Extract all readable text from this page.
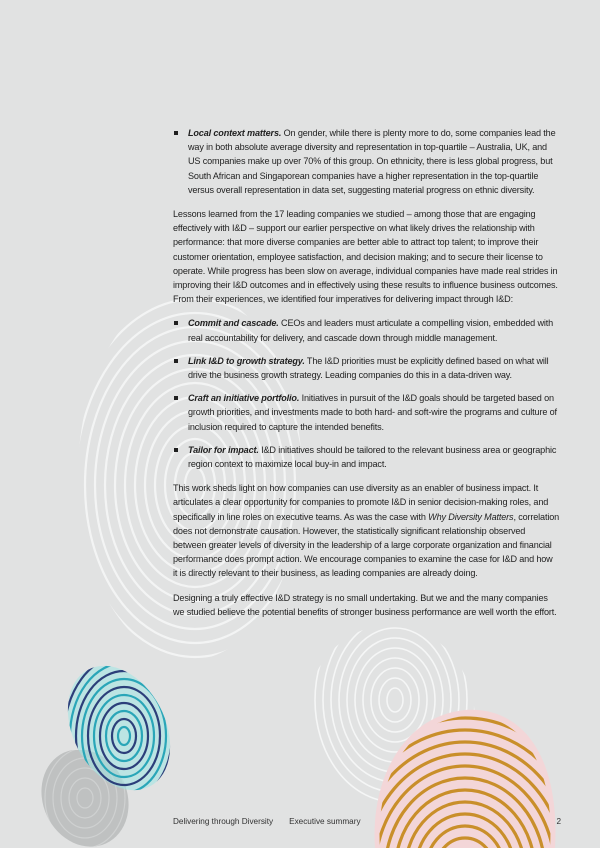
Local context matters. On gender, while there is plenty more to do, some companies lead the way in both absolute average diversity and representation in top-quartile – Australia, UK, and US companies make up over 70% of this group. On ethnicity, there is less global progress, but South African and Singaporean companies have a higher representation in the top-quartile versus overall representation in data set, suggesting material progress on ethnic diversity.

Lessons learned from the 17 leading companies we studied – among those that are engaging effectively with I&D – support our earlier perspective on what likely drives the relationship with performance: that more diverse companies are better able to attract top talent; to improve their customer orientation, employee satisfaction, and decision making; and to secure their license to operate. While progress has been slow on average, individual companies have made real strides in improving their I&D outcomes and in effectively using these results to influence business outcomes. From their experiences, we identified four imperatives for delivering impact through I&D:

Commit and cascade. CEOs and leaders must articulate a compelling vision, embedded with real accountability for delivery, and cascade down through middle management.
Link I&D to growth strategy. The I&D priorities must be explicitly defined based on what will drive the business growth strategy. Leading companies do this in a data-driven way.
Craft an initiative portfolio. Initiatives in pursuit of the I&D goals should be targeted based on growth priorities, and investments made to both hard- and soft-wire the programs and culture of inclusion required to capture the intended benefits.
Tailor for impact. I&D initiatives should be tailored to the relevant business area or geographic region context to maximize local buy-in and impact.

This work sheds light on how companies can use diversity as an enabler of business impact. It articulates a clear opportunity for companies to promote I&D in senior decision-making roles, and specifically in line roles on executive teams. As was the case with Why Diversity Matters, correlation does not demonstrate causation. However, the statistically significant relationship observed between greater levels of diversity in the leadership of a large corporate organization and financial performance does prompt action. We encourage companies to examine the case for I&D and how it is directly relevant to their business, as leading companies are already doing.

Designing a truly effective I&D strategy is no small undertaking. But we and the many companies we studied believe the potential benefits of stronger business performance are well worth the effort.

Delivering through Diversity Executive summary	2
